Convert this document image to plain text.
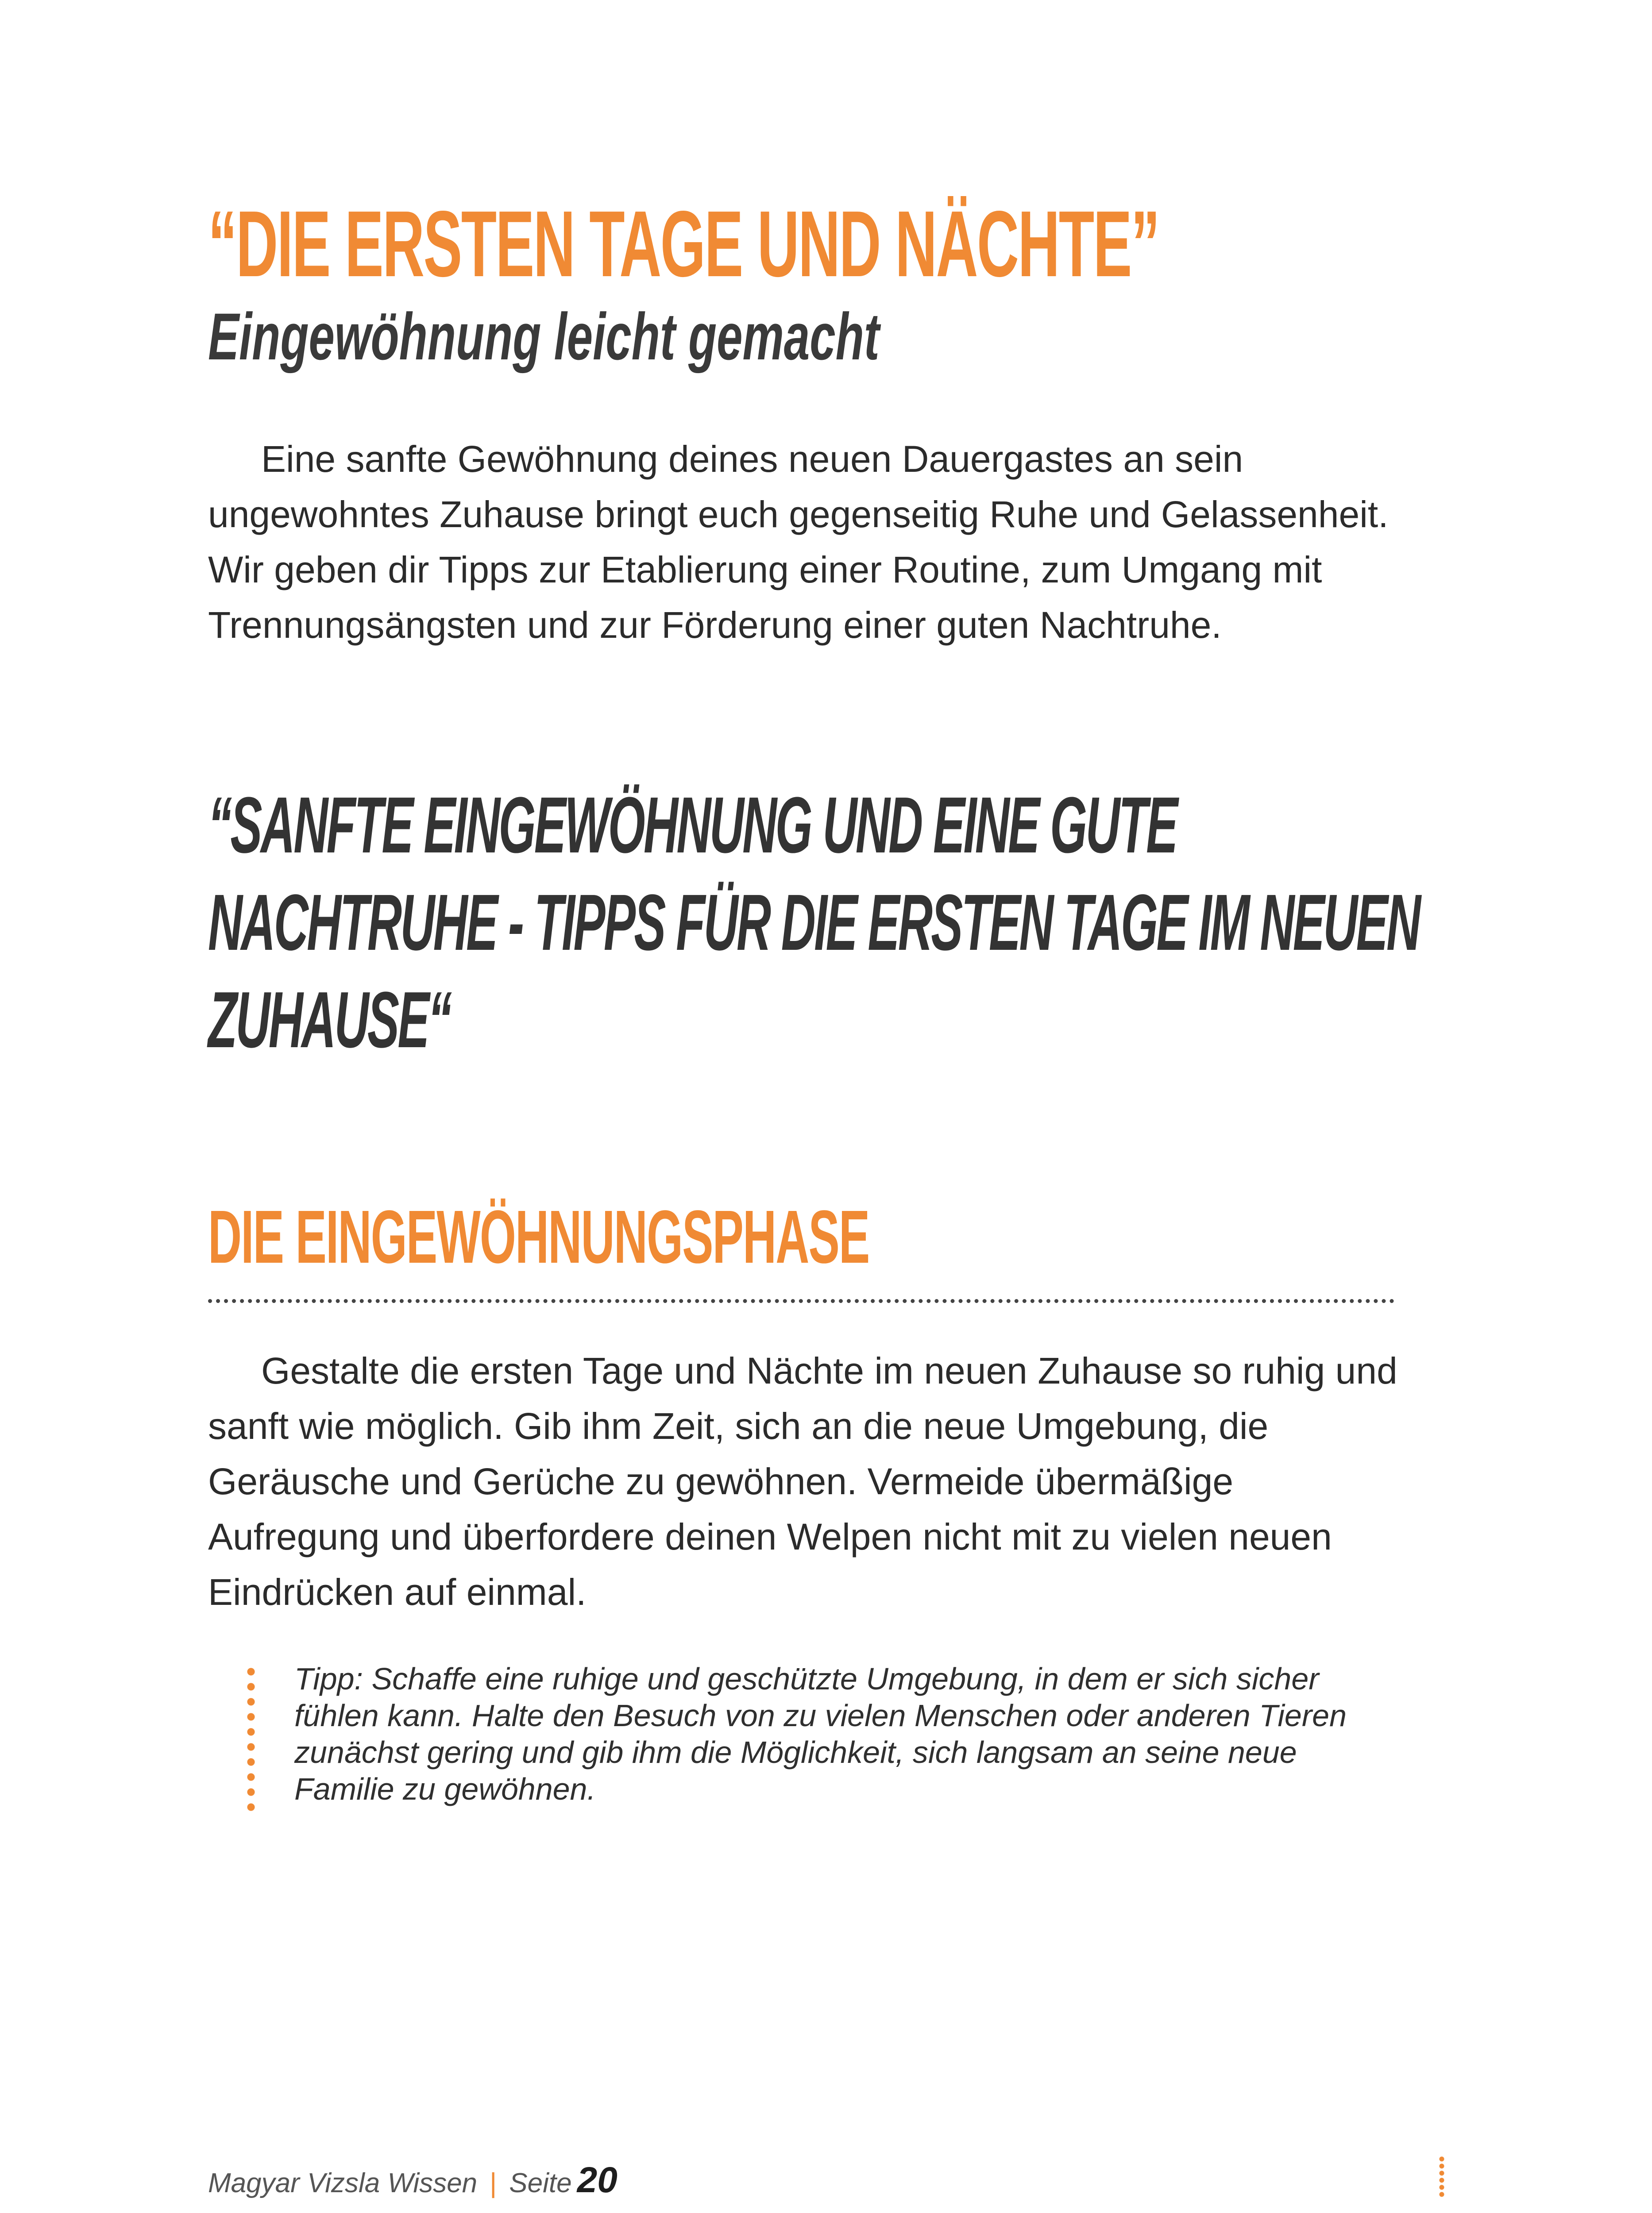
“DIE ERSTEN TAGE UND NÄCHTE”
Eingewöhnung leicht gemacht

Eine sanfte Gewöhnung deines neuen Dauergastes an sein ungewohntes Zuhause bringt euch gegenseitig Ruhe und Gelassenheit. Wir geben dir Tipps zur Etablierung einer Routine, zum Umgang mit Trennungsängsten und zur Förderung einer guten Nachtruhe.

“SANFTE EINGEWÖHNUNG UND EINE GUTE
NACHTRUHE - TIPPS FÜR DIE ERSTEN TAGE IM NEUEN
ZUHAUSE“
DIE EINGEWÖHNUNGSPHASE

Gestalte die ersten Tage und Nächte im neuen Zuhause so ruhig und sanft wie möglich. Gib ihm Zeit, sich an die neue Umgebung, die Geräusche und Gerüche zu gewöhnen. Vermeide übermäßige Aufregung und überfordere deinen Welpen nicht mit zu vielen neuen Eindrücken auf einmal.

Tipp: Schaffe eine ruhige und geschützte Umgebung, in dem er sich sicher fühlen kann. Halte den Besuch von zu vielen Menschen oder anderen Tieren zunächst gering und gib ihm die Möglichkeit, sich langsam an seine neue Familie zu gewöhnen.

Magyar Vizsla Wissen | Seite 20
